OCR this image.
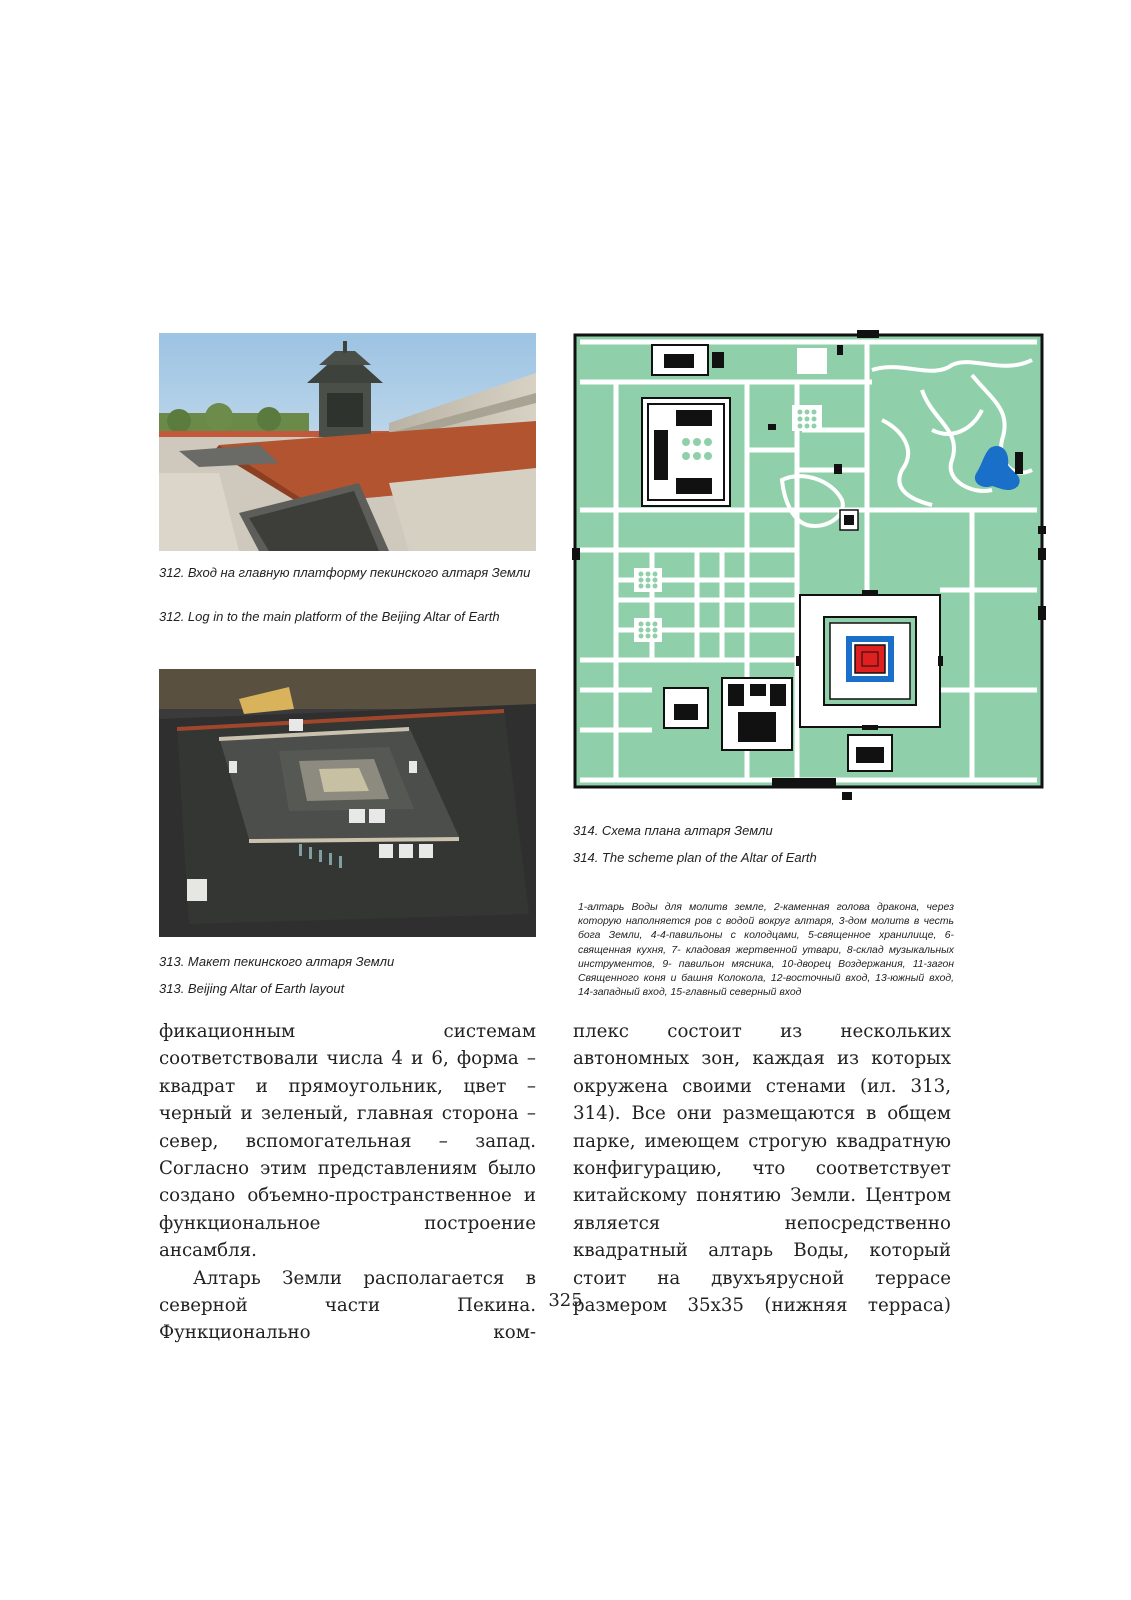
312. Вход на главную платформу пекинского алтаря Земли
312. Log in to the main platform of the Beijing Altar of Earth
313. Макет пекинского алтаря Земли
313. Beijing Altar of Earth layout
314. Схема плана алтаря Земли
314. The scheme plan of the Altar of Earth
1-алтарь Воды для молитв земле, 2-каменная голова дракона, через которую наполняется ров с водой вокруг алтаря, 3-дом молитв в честь бога Земли, 4-4-павильоны с колодцами, 5-священное хранилище, 6-священная кухня, 7- кладовая жертвенной утвари, 8-склад музыкальных инструментов, 9- павильон мясника, 10-дворец Воздержания, 11-загон Священного коня и башня Колокола, 12-восточный вход, 13-южный вход, 14-западный вход, 15-главный северный вход

фикационным системам соответствовали числа 4 и 6, форма – квадрат и прямоугольник, цвет – черный и зеленый, главная сторона – север, вспомогательная – запад. Согласно этим представлениям было создано объемно-пространственное и функциональное построение ансамбля.

Алтарь Земли располагается в северной части Пекина. Функционально ком-

плекс состоит из нескольких автономных зон, каждая из которых окружена своими стенами (ил. 313, 314). Все они размещаются в общем парке, имеющем строгую квадратную конфигурацию, что соответствует китайскому понятию Земли. Центром является непосредственно квадратный алтарь Воды, который стоит на двухъярусной террасе размером 35х35 (нижняя терраса)

325
